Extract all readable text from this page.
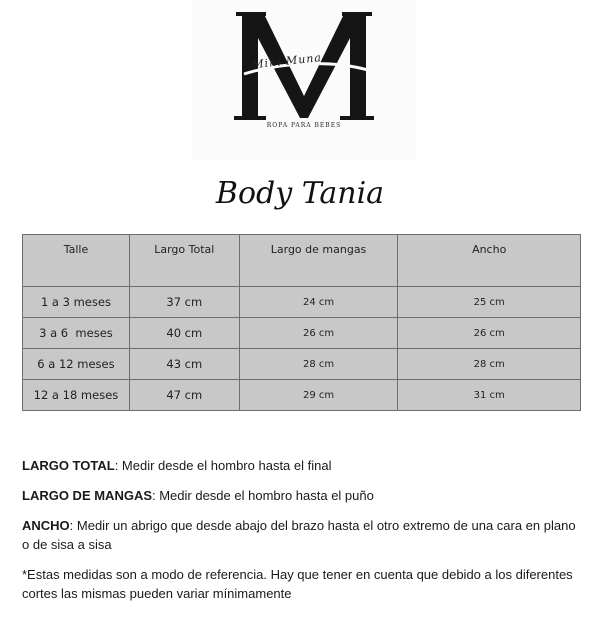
Mini Muna
ROPA PARA BEBES
Body Tania
Talle	Largo Total	Largo de mangas	Ancho
1 a 3 meses	37 cm	24 cm	25 cm
3 a 6  meses	40 cm	26 cm	26 cm
6 a 12 meses	43 cm	28 cm	28 cm
12 a 18 meses	47 cm	29 cm	31 cm

LARGO TOTAL: Medir desde el hombro hasta el final

LARGO DE MANGAS: Medir desde el hombro hasta el puño

ANCHO: Medir un abrigo que desde abajo del brazo hasta el otro extremo de una cara en plano o de sisa a sisa

*Estas medidas son a modo de referencia. Hay que tener en cuenta que debido a los diferentes cortes las mismas pueden variar mínimamente
